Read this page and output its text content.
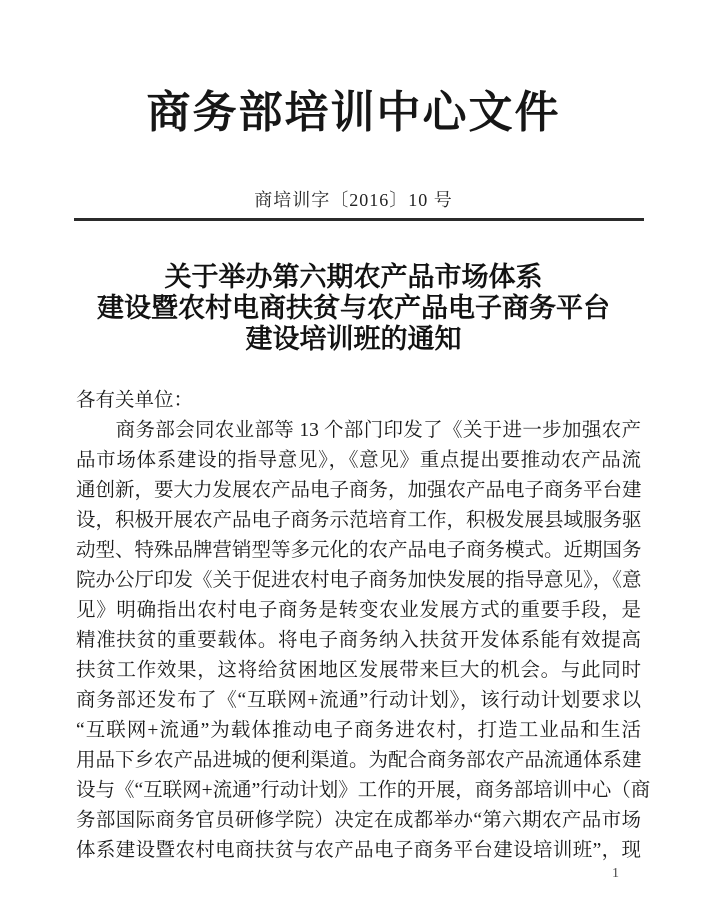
商务部培训中心文件
商培训字〔2016〕10 号
关于举办第六期农产品市场体系
建设暨农村电商扶贫与农产品电子商务平台
建设培训班的通知
各有关单位：
　　商务部会同农业部等 13 个部门印发了《关于进一步加强农产
品市场体系建设的指导意见》，《意见》重点提出要推动农产品流
通创新，要大力发展农产品电子商务，加强农产品电子商务平台建
设，积极开展农产品电子商务示范培育工作，积极发展县域服务驱
动型、特殊品牌营销型等多元化的农产品电子商务模式。近期国务
院办公厅印发《关于促进农村电子商务加快发展的指导意见》，《意
见》明确指出农村电子商务是转变农业发展方式的重要手段，是
精准扶贫的重要载体。将电子商务纳入扶贫开发体系能有效提高
扶贫工作效果，这将给贫困地区发展带来巨大的机会。与此同时
商务部还发布了《“互联网+流通”行动计划》，该行动计划要求以
“互联网+流通”为载体推动电子商务进农村，打造工业品和生活
用品下乡农产品进城的便利渠道。为配合商务部农产品流通体系建
设与《“互联网+流通”行动计划》工作的开展，商务部培训中心（商
务部国际商务官员研修学院）决定在成都举办“第六期农产品市场
体系建设暨农村电商扶贫与农产品电子商务平台建设培训班”，现
1
